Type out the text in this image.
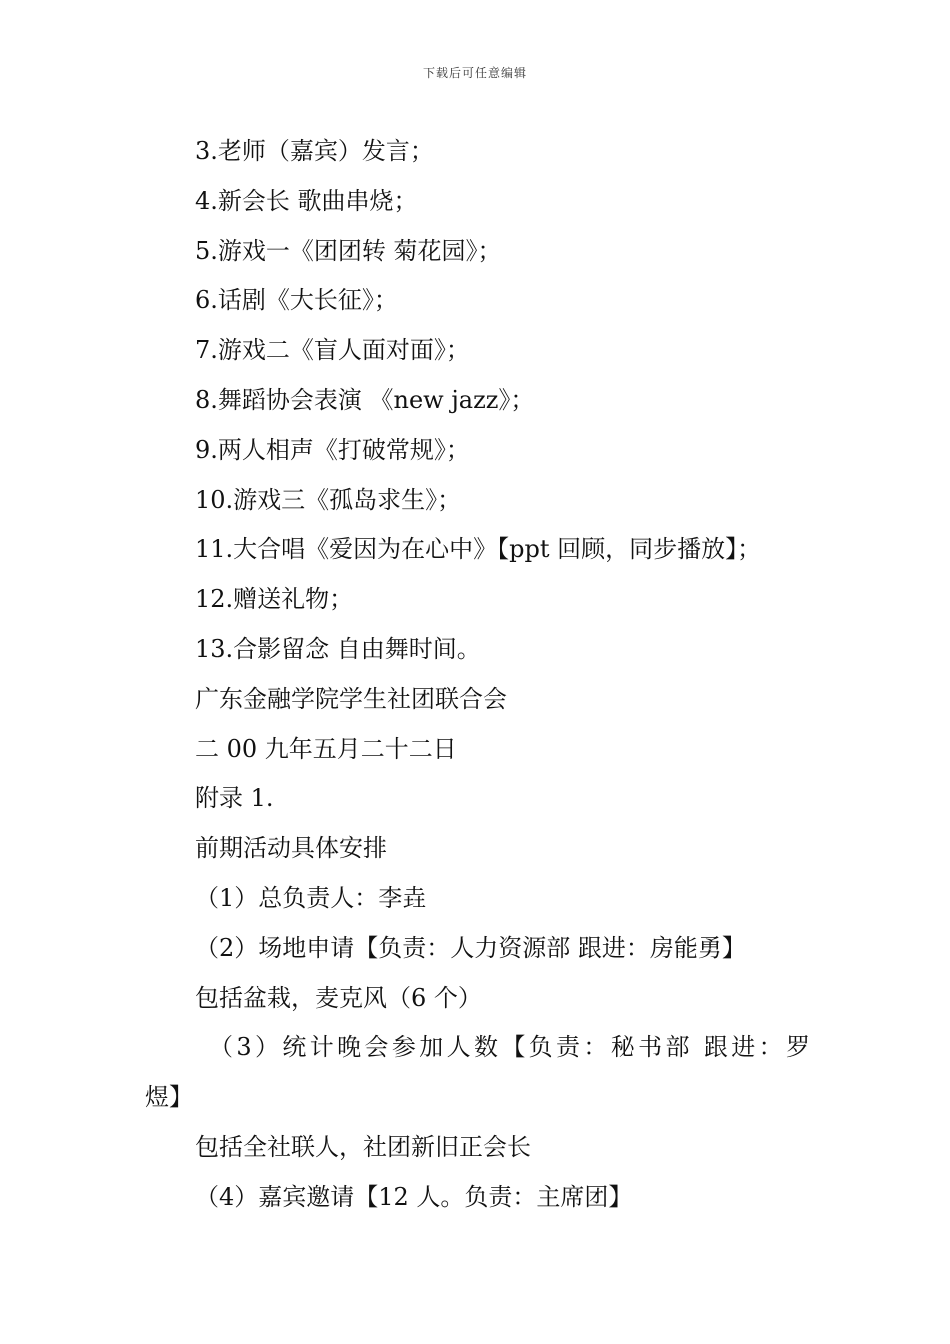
下载后可任意编辑
3.老师（嘉宾）发言；
4.新会长 歌曲串烧；
5.游戏一《团团转 菊花园》；
6.话剧《大长征》；
7.游戏二《盲人面对面》；
8.舞蹈协会表演 《new jazz》；
9.两人相声《打破常规》；
10.游戏三《孤岛求生》；
11.大合唱《爱因为在心中》【ppt 回顾，同步播放】；
12.赠送礼物；
13.合影留念 自由舞时间。
广东金融学院学生社团联合会
二 00 九年五月二十二日
附录 1.
前期活动具体安排
（1）总负责人：李垚
（2）场地申请【负责：人力资源部 跟进：房能勇】
包括盆栽，麦克风（6 个）
（3）统计晚会参加人数【负责：秘书部 跟进：罗
煜】
包括全社联人，社团新旧正会长
（4）嘉宾邀请【12 人。负责：主席团】
